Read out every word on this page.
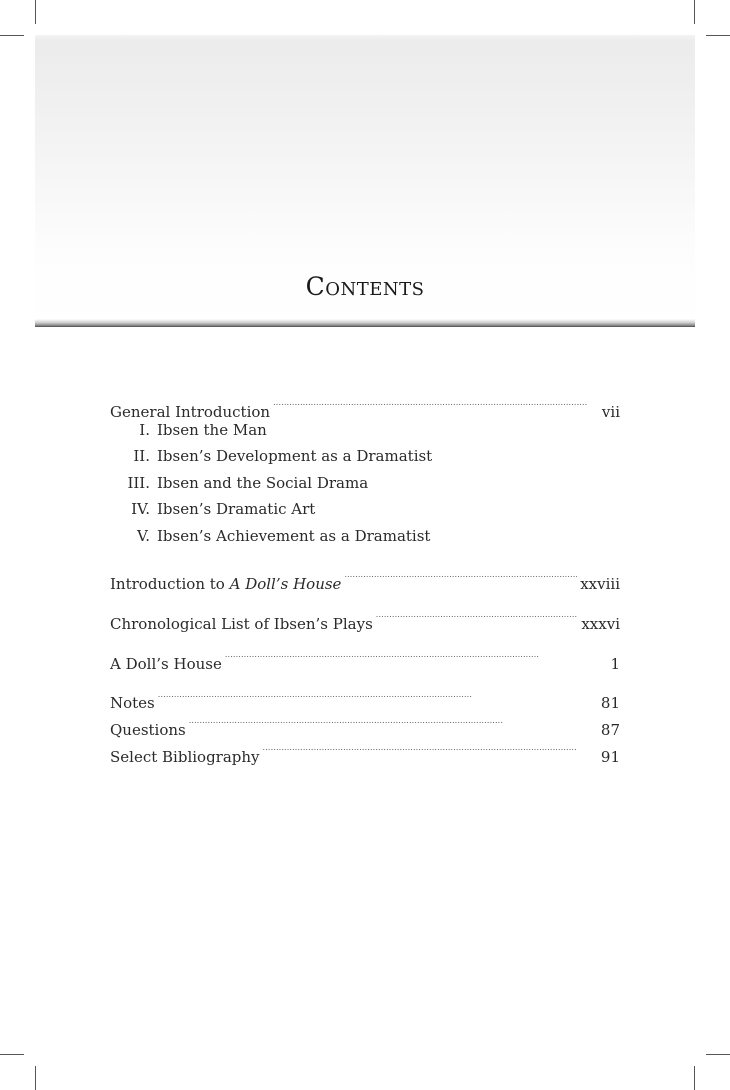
Contents
General Introduction . . .	vii
I. Ibsen the Man
II. Ibsen’s Development as a Dramatist
III. Ibsen and the Social Drama
IV. Ibsen’s Dramatic Art
V. Ibsen’s Achievement as a Dramatist
Introduction to A Doll’s House . . .	xxviii
Chronological List of Ibsen’s Plays . . .	xxxvi
A Doll’s House . . .	1
Notes . . .	81
Questions . . .	87
Select Bibliography . . .	91
